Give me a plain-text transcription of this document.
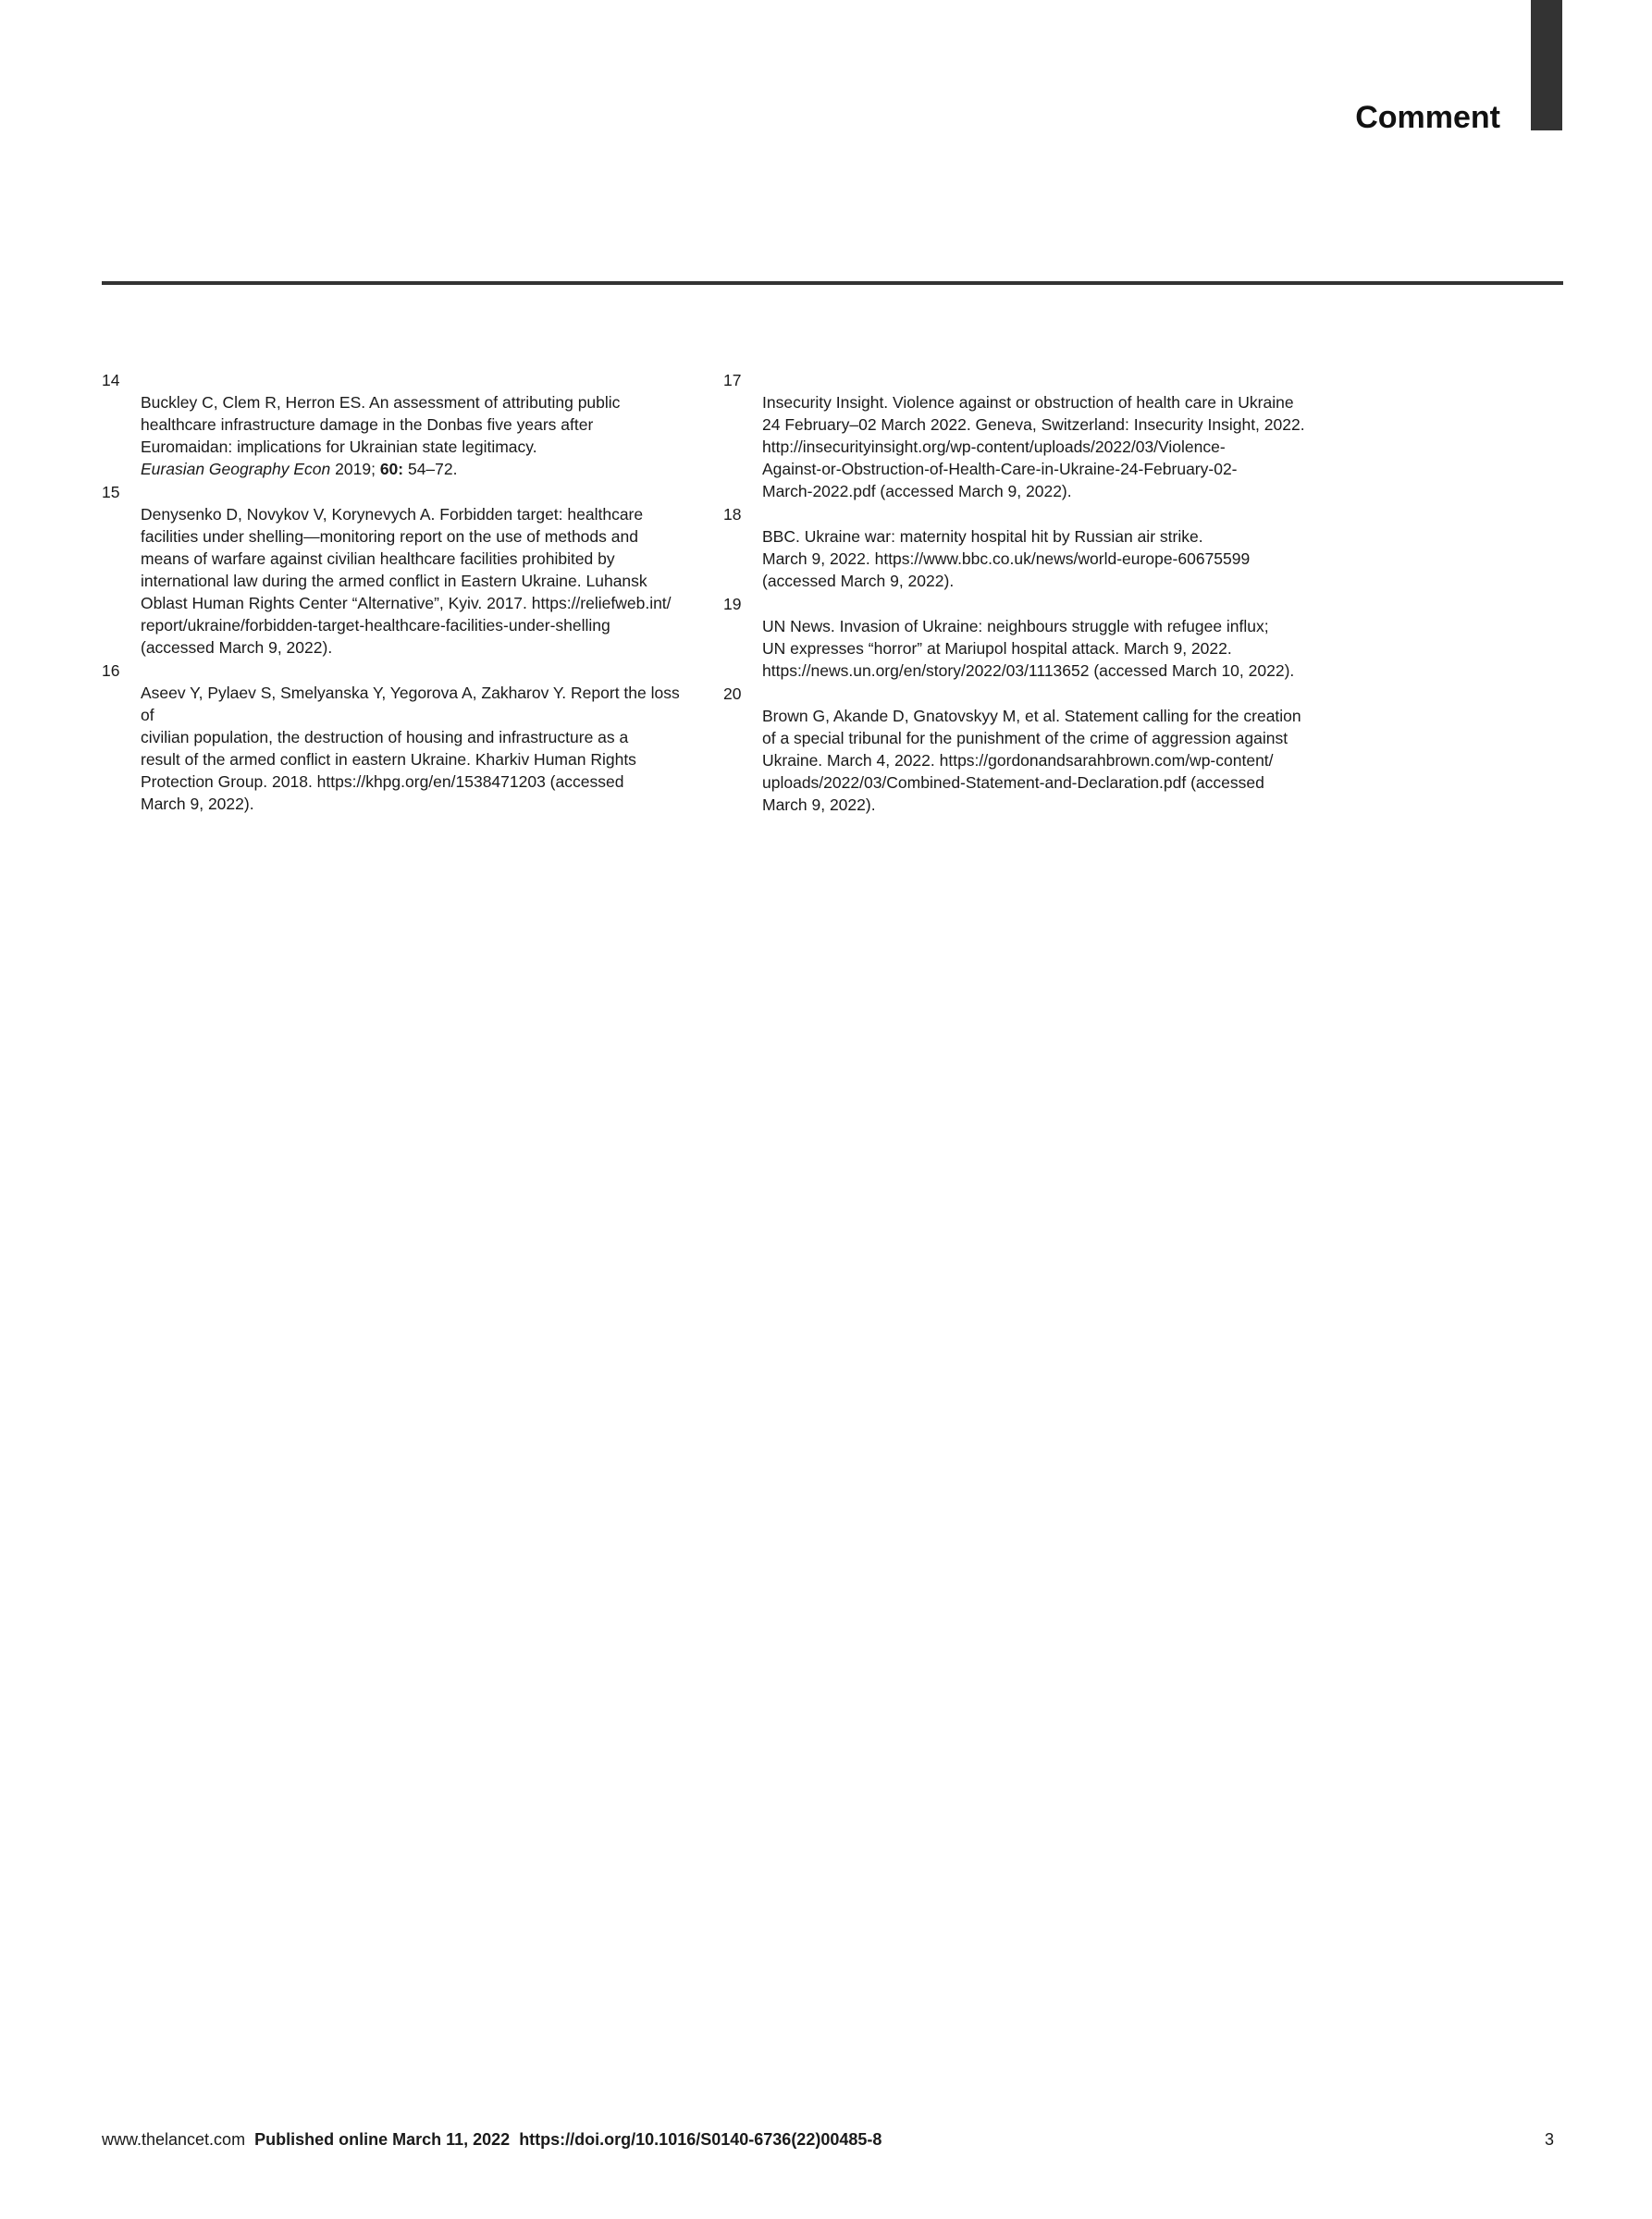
Comment

14
Buckley C, Clem R, Herron ES. An assessment of attributing public
healthcare infrastructure damage in the Donbas five years after
Euromaidan: implications for Ukrainian state legitimacy.
Eurasian Geography Econ 2019; 60: 54–72.

15
Denysenko D, Novykov V, Korynevych A. Forbidden target: healthcare
facilities under shelling—monitoring report on the use of methods and
means of warfare against civilian healthcare facilities prohibited by
international law during the armed conflict in Eastern Ukraine. Luhansk
Oblast Human Rights Center “Alternative”, Kyiv. 2017. https://reliefweb.int/
report/ukraine/forbidden-target-healthcare-facilities-under-shelling
(accessed March 9, 2022).

16
Aseev Y, Pylaev S, Smelyanska Y, Yegorova A, Zakharov Y. Report the loss of
civilian population, the destruction of housing and infrastructure as a
result of the armed conflict in eastern Ukraine. Kharkiv Human Rights
Protection Group. 2018. https://khpg.org/en/1538471203 (accessed
March 9, 2022).

17
Insecurity Insight. Violence against or obstruction of health care in Ukraine
24 February–02 March 2022. Geneva, Switzerland: Insecurity Insight, 2022.
http://insecurityinsight.org/wp-content/uploads/2022/03/Violence-
Against-or-Obstruction-of-Health-Care-in-Ukraine-24-February-02-
March-2022.pdf (accessed March 9, 2022).

18
BBC. Ukraine war: maternity hospital hit by Russian air strike.
March 9, 2022. https://www.bbc.co.uk/news/world-europe-60675599
(accessed March 9, 2022).

19
UN News. Invasion of Ukraine: neighbours struggle with refugee influx;
UN expresses “horror” at Mariupol hospital attack. March 9, 2022.
https://news.un.org/en/story/2022/03/1113652 (accessed March 10, 2022).

20
Brown G, Akande D, Gnatovskyy M, et al. Statement calling for the creation
of a special tribunal for the punishment of the crime of aggression against
Ukraine. March 4, 2022. https://gordonandsarahbrown.com/wp-content/
uploads/2022/03/Combined-Statement-and-Declaration.pdf (accessed
March 9, 2022).

www.thelancet.com Published online March 11, 2022 https://doi.org/10.1016/S0140-6736(22)00485-8	3
